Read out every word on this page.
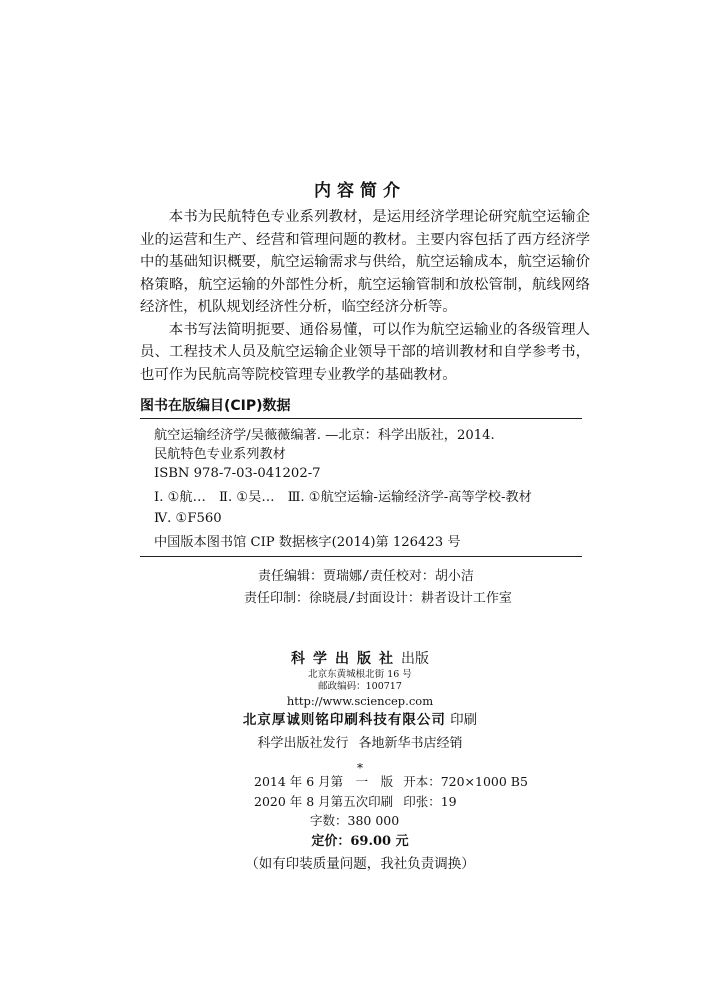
内容简介

本书为民航特色专业系列教材，是运用经济学理论研究航空运输企业的运营和生产、经营和管理问题的教材。主要内容包括了西方经济学中的基础知识概要，航空运输需求与供给，航空运输成本，航空运输价格策略，航空运输的外部性分析，航空运输管制和放松管制，航线网络经济性，机队规划经济性分析，临空经济分析等。

本书写法简明扼要、通俗易懂，可以作为航空运输业的各级管理人员、工程技术人员及航空运输企业领导干部的培训教材和自学参考书，也可作为民航高等院校管理专业教学的基础教材。

图书在版编目(CIP)数据
航空运输经济学/吴薇薇编著. —北京：科学出版社，2014.
民航特色专业系列教材
ISBN 978-7-03-041202-7
Ⅰ. ①航…　Ⅱ. ①吴…　Ⅲ. ①航空运输-运输经济学-高等学校-教材
Ⅳ. ①F560
中国版本图书馆 CIP 数据核字(2014)第 126423 号
责任编辑：贾瑞娜/责任校对：胡小洁
责任印制：徐晓晨/封面设计：耕者设计工作室
科学出版社出版
北京东黄城根北街 16 号
邮政编码：100717
http://www.sciencep.com
北京厚诚则铭印刷科技有限公司 印刷
科学出版社发行 各地新华书店经销
*
2014 年 6 月第　一　版 开本：720×1000 B5
2020 年 8 月第五次印刷 印张：19
字数：380 000
定价：69.00 元
（如有印装质量问题，我社负责调换）
